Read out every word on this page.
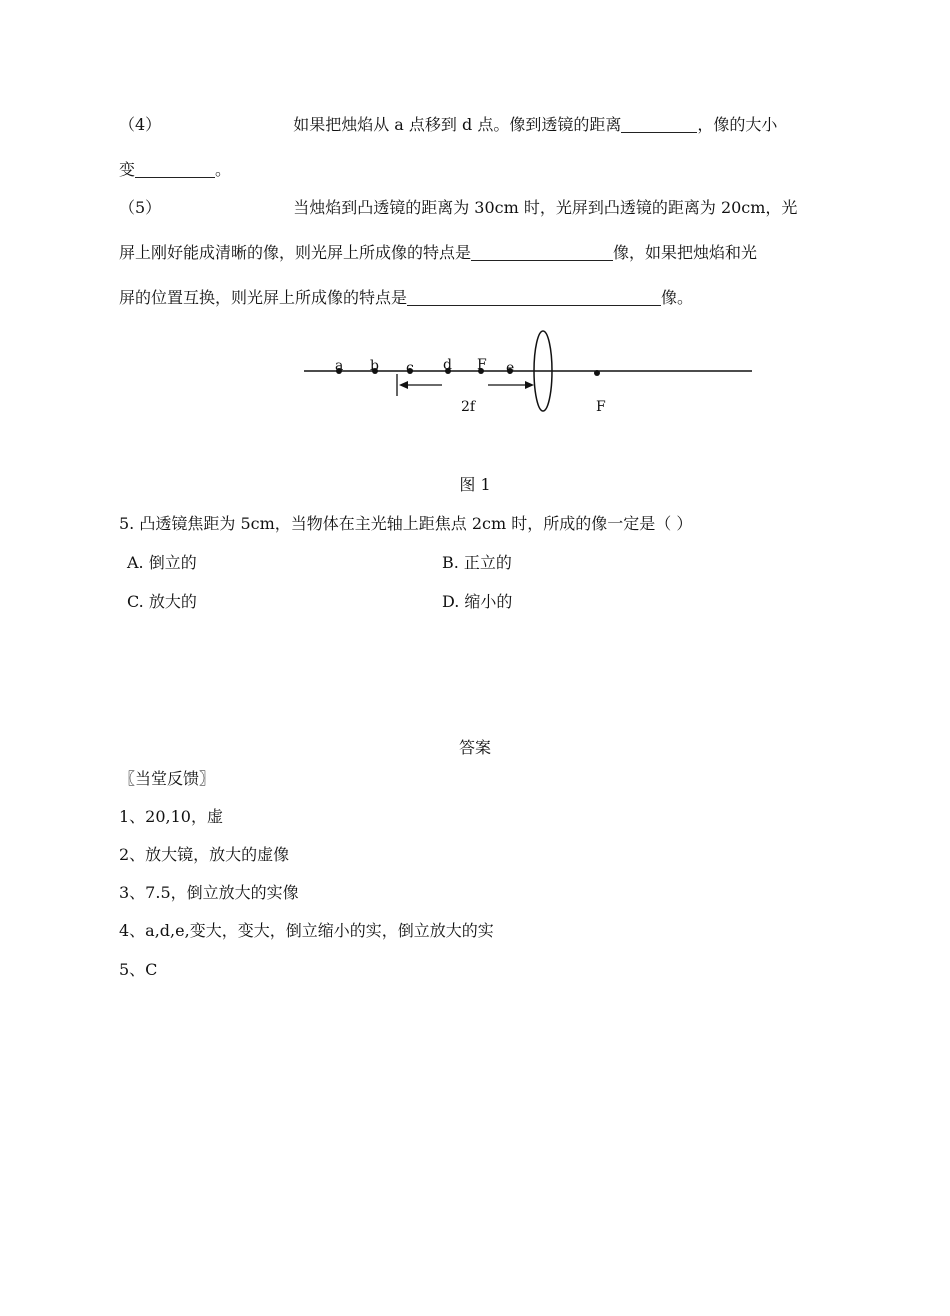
（4）	如果把烛焰从 a 点移到 d 点。像到透镜的距离	，像的大小
变	。
（5）	当烛焰到凸透镜的距离为 30cm 时，光屏到凸透镜的距离为 20cm，光
屏上刚好能成清晰的像，则光屏上所成像的特点是	像，如果把烛焰和光
屏的位置互换，则光屏上所成像的特点是	像。
a b c d F e
2f	F
图 1
5. 凸透镜焦距为 5cm，当物体在主光轴上距焦点 2cm 时，所成的像一定是（ ）
A. 倒立的	B. 正立的
C. 放大的	D. 缩小的
答案
〖当堂反馈〗
1、20,10，虚
2、放大镜，放大的虚像
3、7.5，倒立放大的实像
4、a,d,e,变大，变大，倒立缩小的实，倒立放大的实
5、C
